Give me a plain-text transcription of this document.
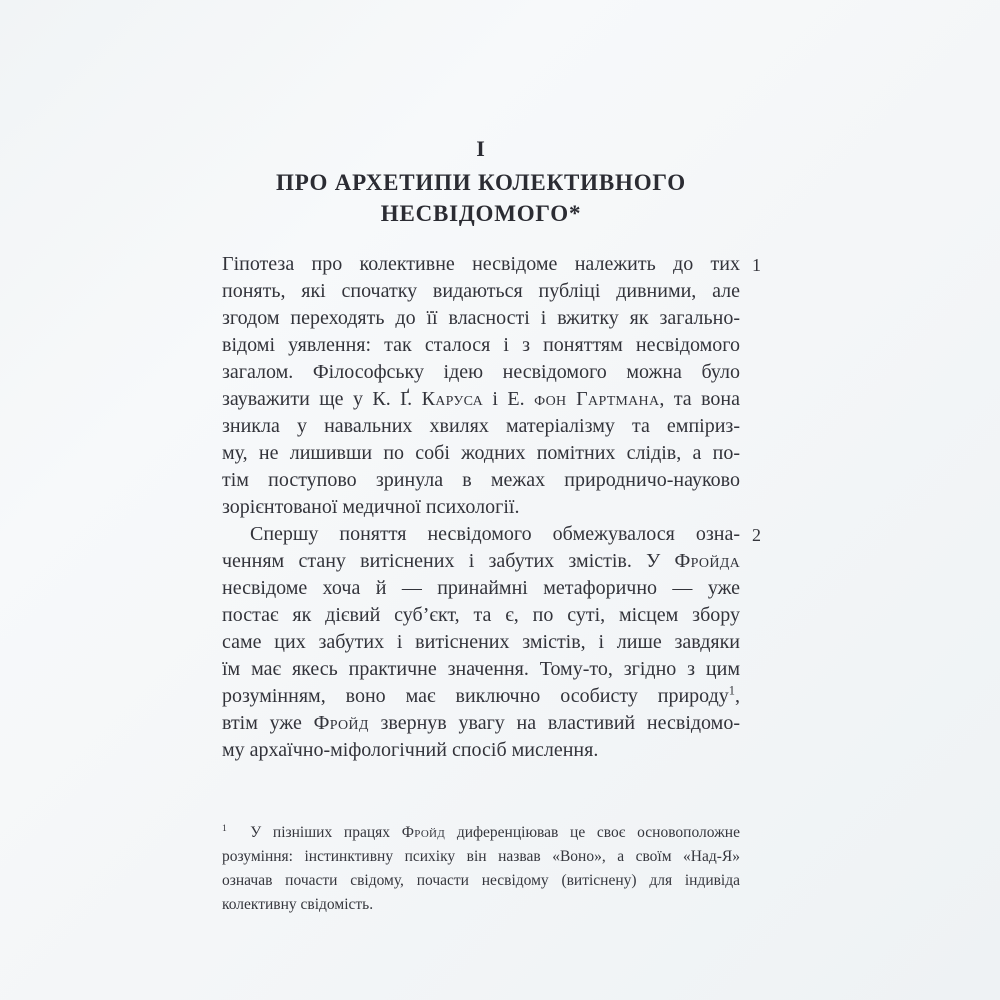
I
ПРО АРХЕТИПИ КОЛЕКТИВНОГО
НЕСВІДОМОГО*
1
Гіпотеза про колективне несвідоме належить до тих
понять, які спочатку видаються публіці дивними, але
згодом переходять до її власності і вжитку як загально-
відомі уявлення: так сталося і з поняттям несвідомого
загалом. Філософську ідею несвідомого можна було
зауважити ще у К. Ґ. Каруса і Е. фон Гартмана, та вона
зникла у навальних хвилях матеріалізму та емпіриз-
му, не лишивши по собі жодних помітних слідів, а по-
тім поступово зринула в межах природничо-науково
зорієнтованої медичної психології.
2
Спершу поняття несвідомого обмежувалося озна-
ченням стану витіснених і забутих змістів. У Фройда
несвідоме хоча й — принаймні метафорично — уже
постає як дієвий суб’єкт, та є, по суті, місцем збору
саме цих забутих і витіснених змістів, і лише завдяки
їм має якесь практичне значення. Тому-то, згідно з цим
розумінням, воно має виключно особисту природу$^1$,
втім уже Фройд звернув увагу на властивий несвідомо-
му архаїчно-міфологічний спосіб мислення.
$^1$  У пізніших працях Фройд диференціював це своє основоположне
розуміння: інстинктивну психіку він назвав «Воно», а своїм «Над-Я»
означав почасти свідому, почасти несвідому (витіснену) для індивіда
колективну свідомість.
